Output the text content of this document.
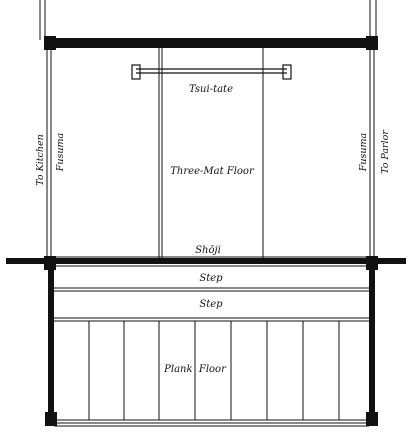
Tsui-tate
Three-Mat Floor
Shōji
Step
Step
Plank  Floor
To Kitchen Fusuma	Fusuma To Parlor
